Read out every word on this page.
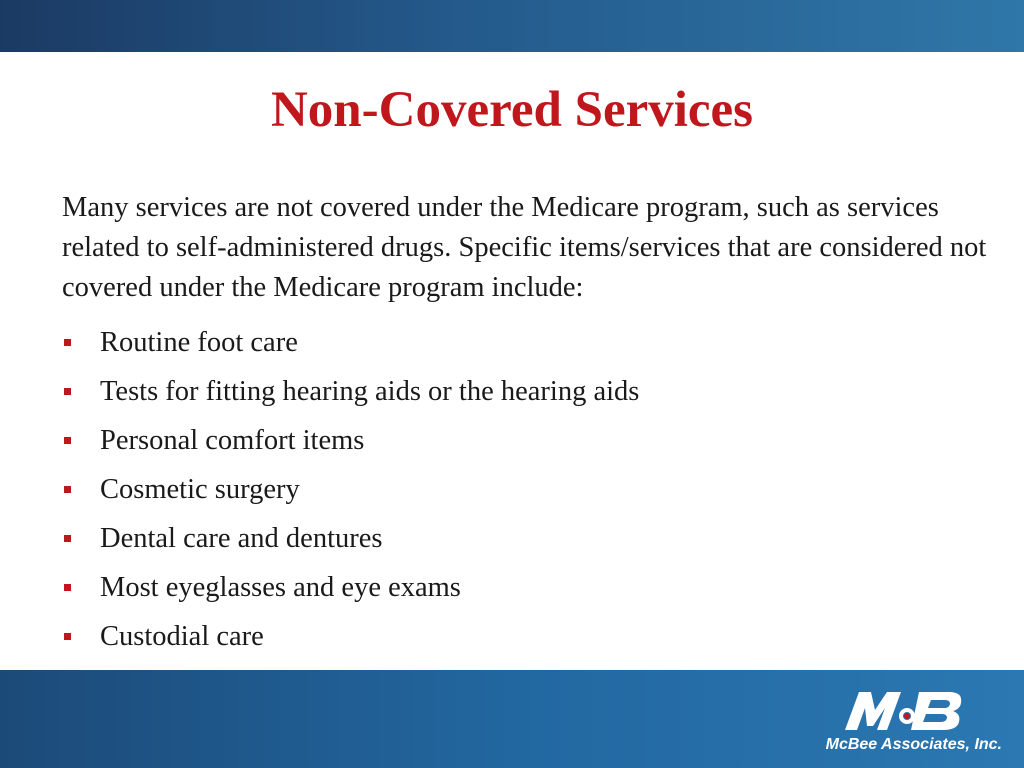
Non-Covered Services

Many services are not covered under the Medicare program, such as services related to self-administered drugs. Specific items/services that are considered not covered under the Medicare program include:

Routine foot care
Tests for fitting hearing aids or the hearing aids
Personal comfort items
Cosmetic surgery
Dental care and dentures
Most eyeglasses and eye exams
Custodial care
McBee Associates, Inc.
